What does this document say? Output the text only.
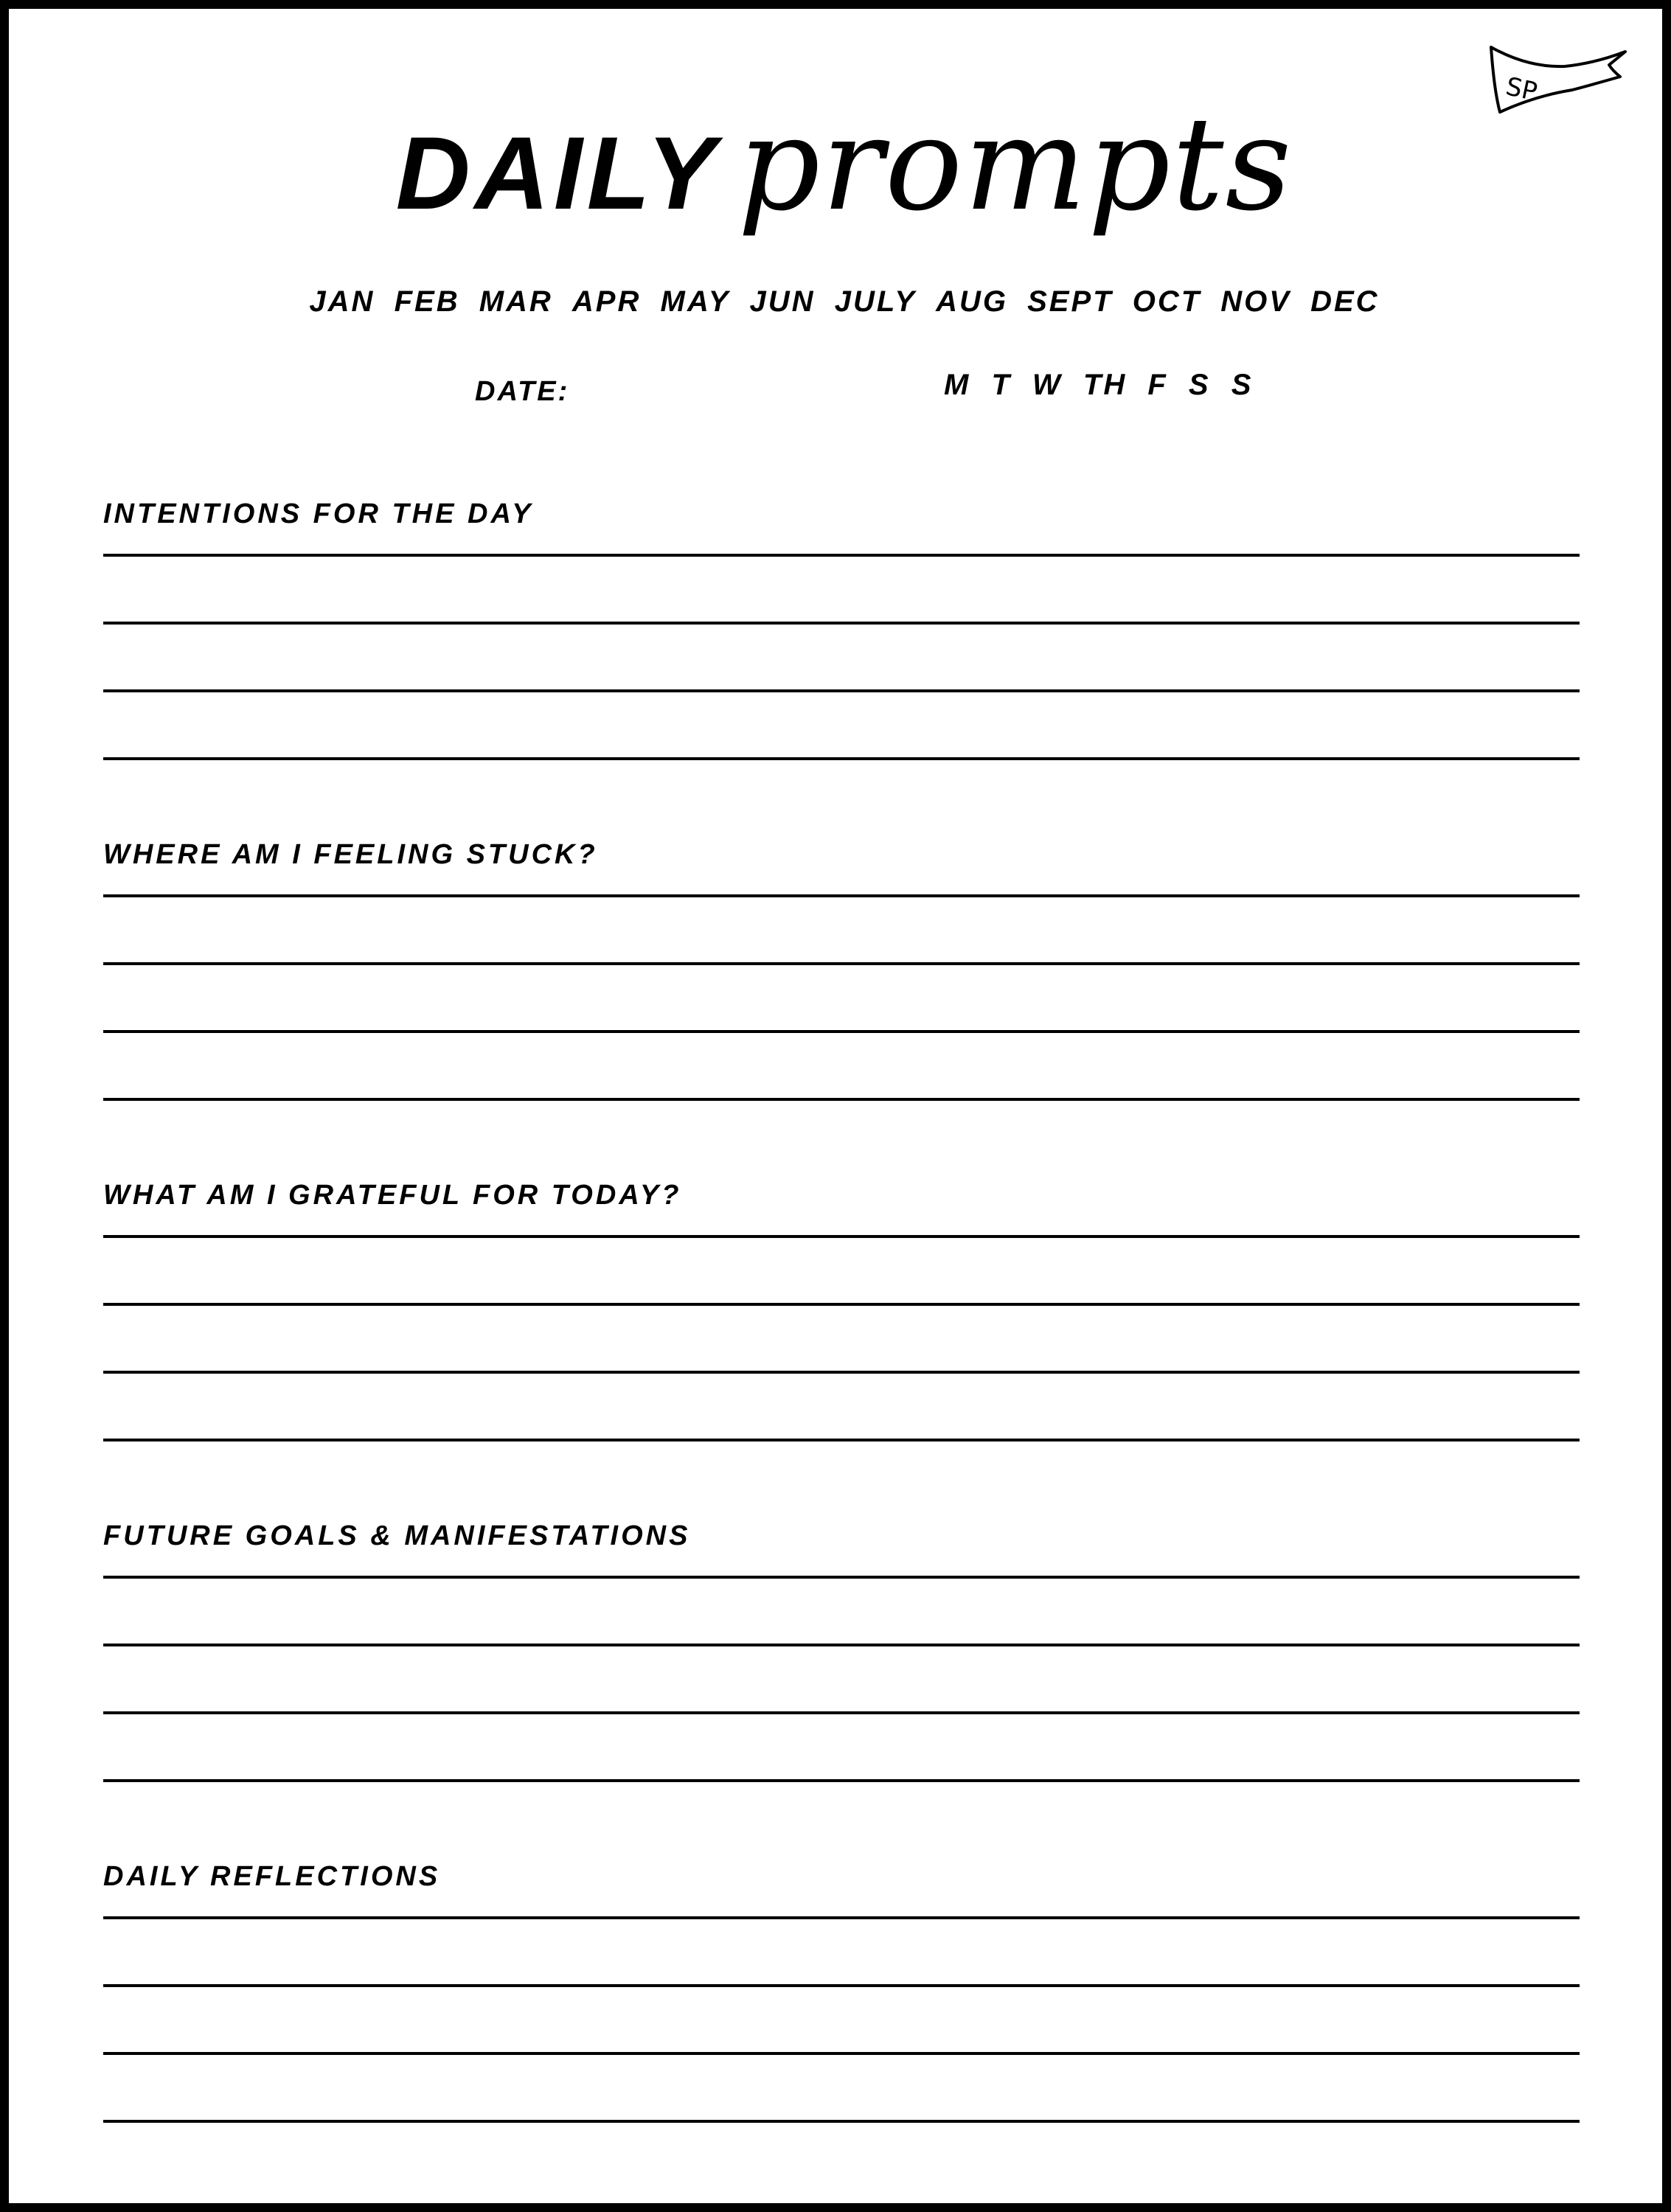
SP
DAILY prompts
JAN FEB MAR APR MAY JUN JULY AUG SEPT OCT NOV DEC
DATE:	M T W TH F S S
INTENTIONS FOR THE DAY
WHERE AM I FEELING STUCK?
WHAT AM I GRATEFUL FOR TODAY?
FUTURE GOALS & MANIFESTATIONS
DAILY REFLECTIONS
